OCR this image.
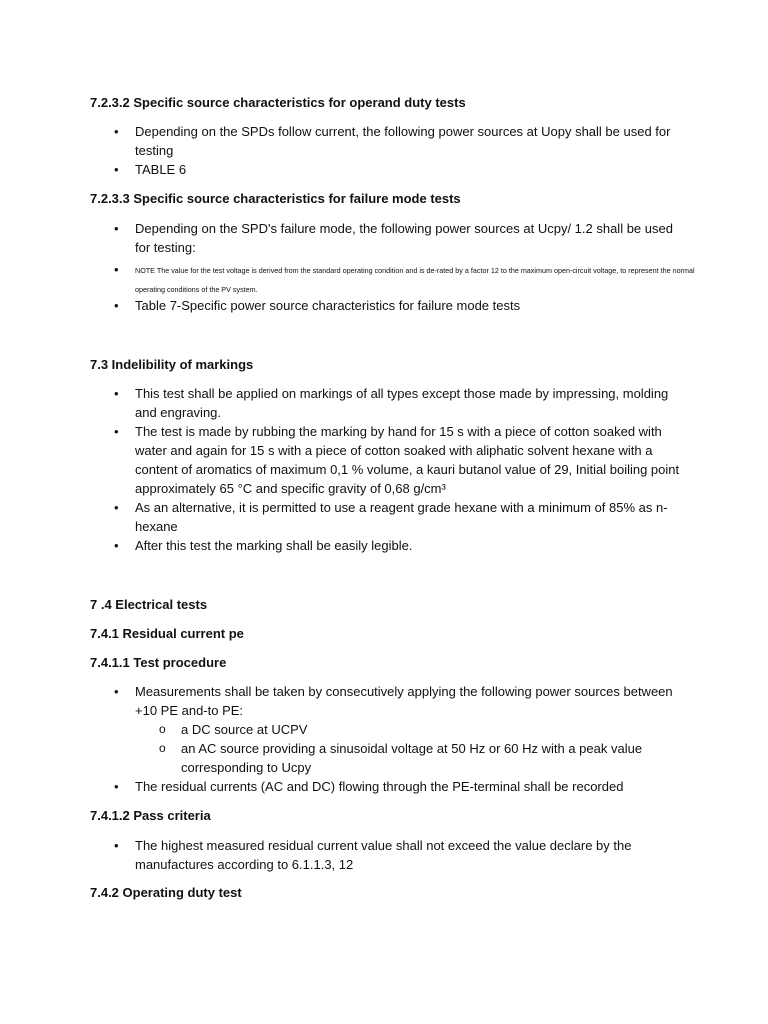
7.2.3.2 Specific source characteristics for operand duty tests

• Depending on the SPDs follow current, the following power sources at Uopy shall be used for testing

• TABLE 6

7.2.3.3 Specific source characteristics for failure mode tests

• Depending on the SPD's failure mode, the following power sources at Ucpy/ 1.2 shall be used for testing:

• NOTE The value for the test voltage is derived from the standard operating condition and is de-rated by a factor 12 to the maximum open-circuit voltage, to represent the normal operating conditions of the PV system.

• Table 7-Specific power source characteristics for failure mode tests

7.3 Indelibility of markings

• This test shall be applied on markings of all types except those made by impressing, molding and engraving.

• The test is made by rubbing the marking by hand for 15 s with a piece of cotton soaked with water and again for 15 s with a piece of cotton soaked with aliphatic solvent hexane with a content of aromatics of maximum 0,1 % volume, a kauri butanol value of 29, Initial boiling point approximately 65 °C and specific gravity of 0,68 g/cm³

• As an alternative, it is permitted to use a reagent grade hexane with a minimum of 85% as n-hexane

• After this test the marking shall be easily legible.

7 .4 Electrical tests
7.4.1 Residual current pe
7.4.1.1 Test procedure

• Measurements shall be taken by consecutively applying the following power sources between +10 PE and-to PE:

o a DC source at UCPV

o an AC source providing a sinusoidal voltage at 50 Hz or 60 Hz with a peak value corresponding to Ucpy

• The residual currents (AC and DC) flowing through the PE-terminal shall be recorded

7.4.1.2 Pass criteria

• The highest measured residual current value shall not exceed the value declare by the manufactures according to 6.1.1.3, 12

7.4.2 Operating duty test
